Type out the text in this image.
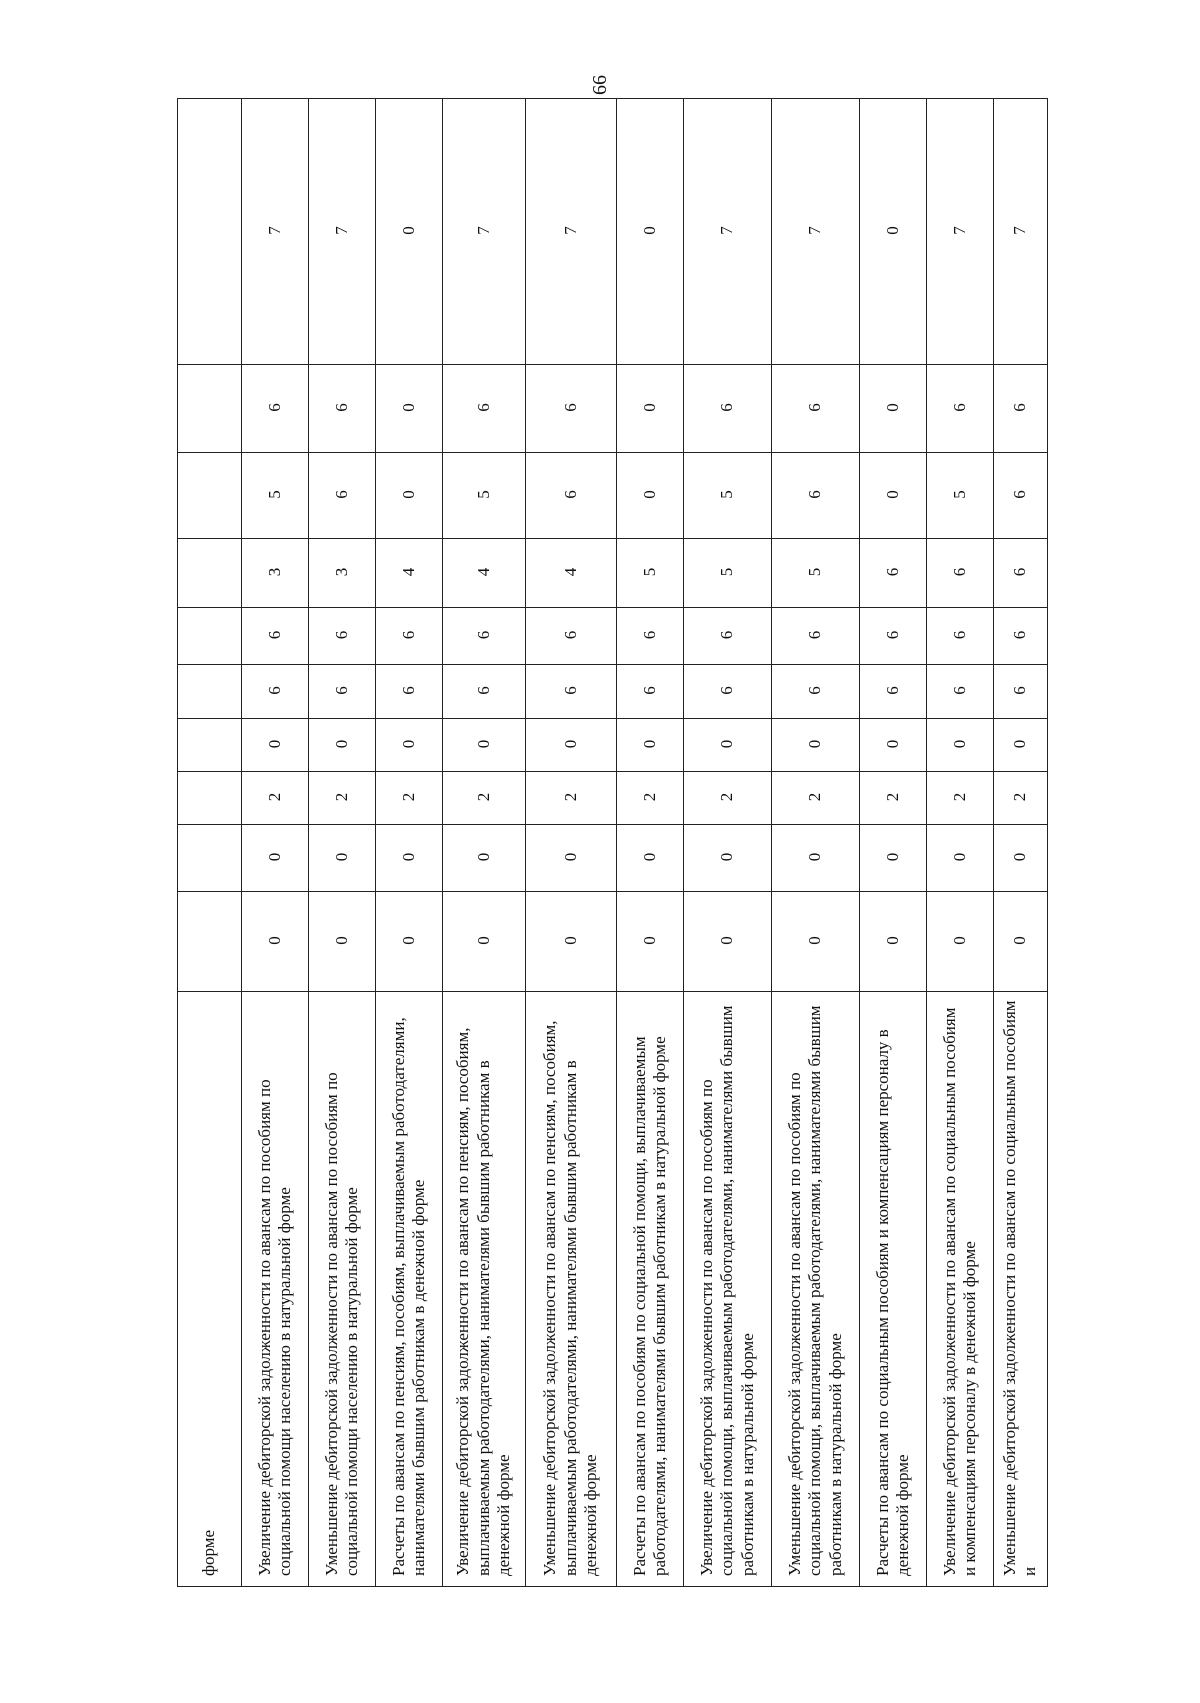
форме										
Увеличение дебиторской задолженности по авансам по пособиям по социальной помощи населению в натуральной форме	0	0	2	0	6	6	3	5	6	7
Уменьшение дебиторской задолженности по авансам по пособиям по социальной помощи населению в натуральной форме	0	0	2	0	6	6	3	6	6	7
Расчеты по авансам по пенсиям, пособиям, выплачиваемым работодателями, нанимателями бывшим работникам в денежной форме	0	0	2	0	6	6	4	0	0	0
Увеличение дебиторской задолженности по авансам по пенсиям, пособиям, выплачиваемым работодателями, нанимателями бывшим работникам в денежной форме	0	0	2	0	6	6	4	5	6	7
Уменьшение дебиторской задолженности по авансам по пенсиям, пособиям, выплачиваемым работодателями, нанимателями бывшим работникам в денежной форме	0	0	2	0	6	6	4	6	6	7
Расчеты по авансам по пособиям по социальной помощи, выплачиваемым работодателями, нанимателями бывшим работникам в натуральной форме	0	0	2	0	6	6	5	0	0	0
Увеличение дебиторской задолженности по авансам по пособиям по социальной помощи, выплачиваемым работодателями, нанимателями бывшим работникам в натуральной форме	0	0	2	0	6	6	5	5	6	7
Уменьшение дебиторской задолженности по авансам по пособиям по социальной помощи, выплачиваемым работодателями, нанимателями бывшим работникам в натуральной форме	0	0	2	0	6	6	5	6	6	7
Расчеты по авансам по социальным пособиям и компенсациям персоналу в денежной форме	0	0	2	0	6	6	6	0	0	0
Увеличение дебиторской задолженности по авансам по социальным пособиям и компенсациям персоналу в денежной форме	0	0	2	0	6	6	6	5	6	7
Уменьшение дебиторской задолженности по авансам по социальным пособиям и	0	0	2	0	6	6	6	6	6	7
66
